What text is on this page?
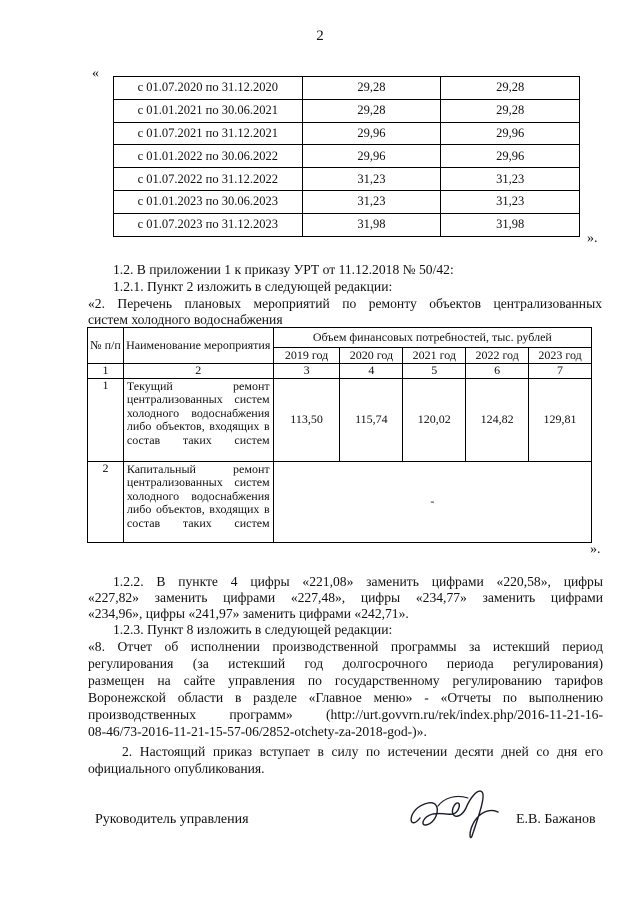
2
«
с 01.07.2020 по 31.12.2020	29,28	29,28
с 01.01.2021 по 30.06.2021	29,28	29,28
с 01.07.2021 по 31.12.2021	29,96	29,96
с 01.01.2022 по 30.06.2022	29,96	29,96
с 01.07.2022 по 31.12.2022	31,23	31,23
с 01.01.2023 по 30.06.2023	31,23	31,23
с 01.07.2023 по 31.12.2023	31,98	31,98
».
1.2. В приложении 1 к приказу УРТ от 11.12.2018 № 50/42:
1.2.1. Пункт 2 изложить в следующей редакции:
«2. Перечень плановых мероприятий по ремонту объектов централизованных
систем холодного водоснабжения
№ п/п	Наименование мероприятия	Объем финансовых потребностей, тыс. рублей				
		2019 год	2020 год	2021 год	2022 год	2023 год
1	2	3	4	5	6	7
1	Текущий ремонт централизованных систем холодного водоснабжения либо объектов, входящих в состав таких систем	113,50	115,74	120,02	124,82	129,81
2	Капитальный ремонт централизованных систем холодного водоснабжения либо объектов, входящих в состав таких систем	-				
».
1.2.2. В пункте 4 цифры «221,08» заменить цифрами «220,58», цифры
«227,82» заменить цифрами «227,48», цифры «234,77» заменить цифрами
«234,96», цифры «241,97» заменить цифрами «242,71».
1.2.3. Пункт 8 изложить в следующей редакции:
«8. Отчет об исполнении производственной программы за истекший период
регулирования (за истекший год долгосрочного периода регулирования)
размещен на сайте управления по государственному регулированию тарифов
Воронежской области в разделе «Главное меню» - «Отчеты по выполнению
производственных программ» (http://urt.govvrn.ru/rek/index.php/2016-11-21-16-
08-46/73-2016-11-21-15-57-06/2852-otchety-za-2018-god-)».
2. Настоящий приказ вступает в силу по истечении десяти дней со дня его
официального опубликования.
Руководитель управления	Е.В. Бажанов
